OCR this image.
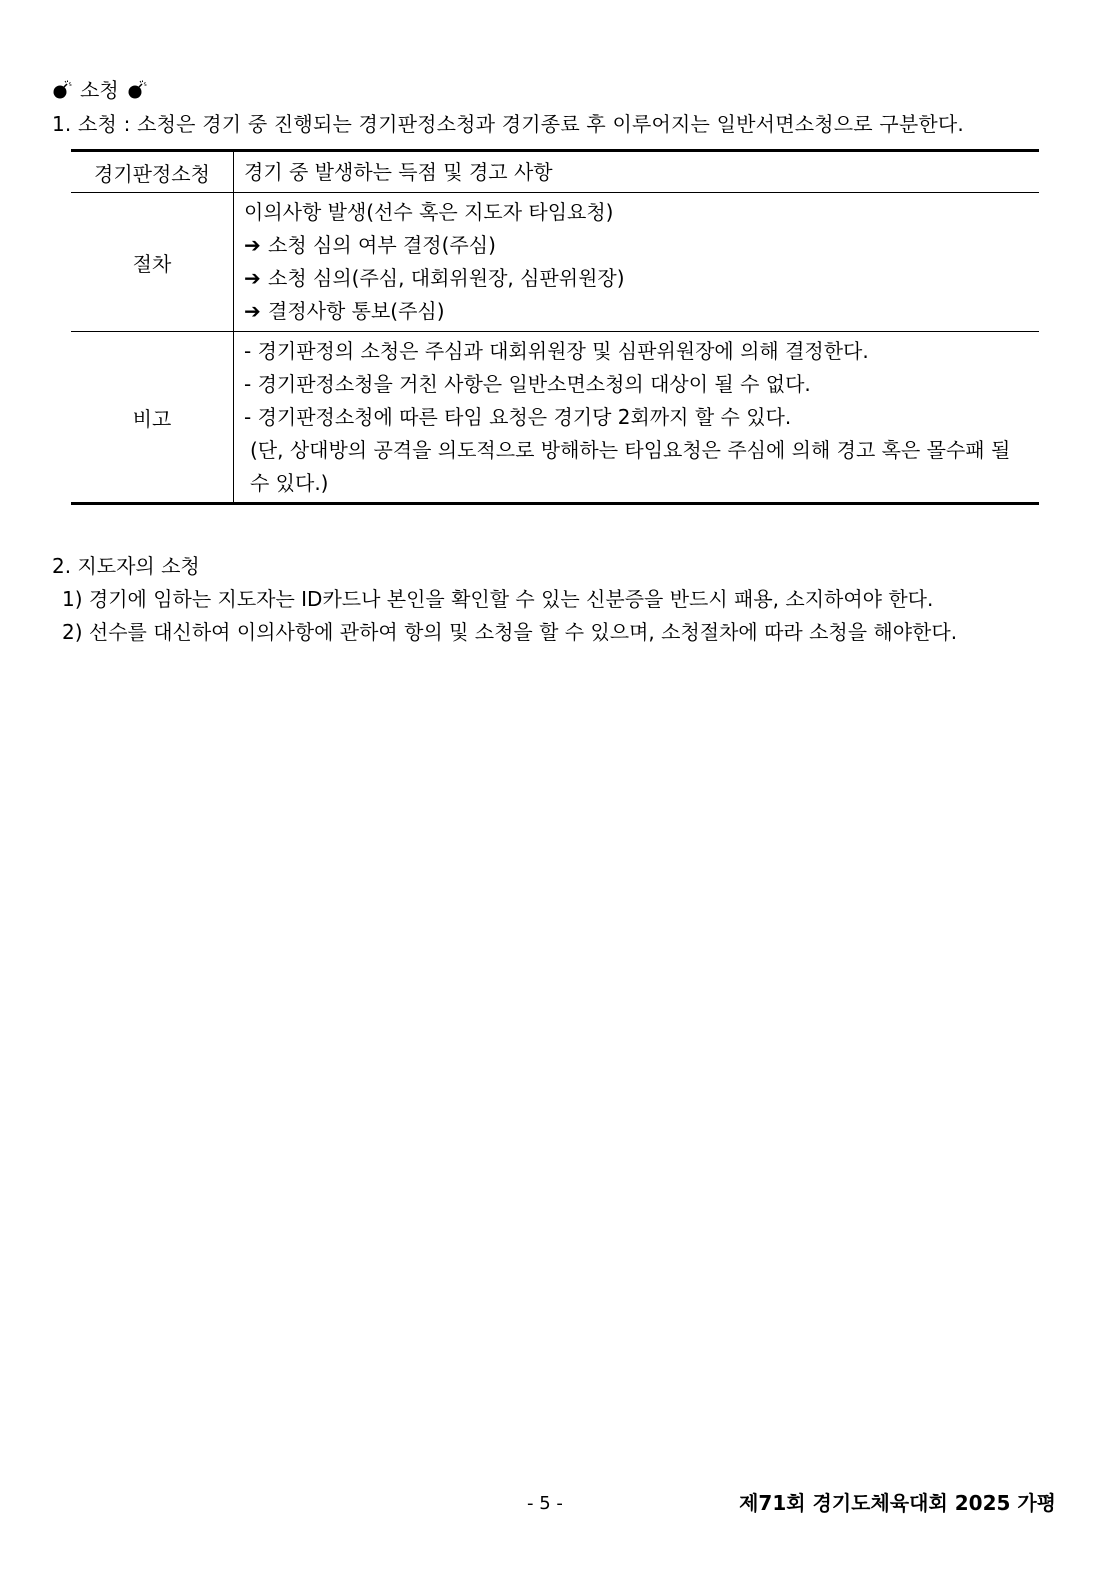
소청
1. 소청 : 소청은 경기 중 진행되는 경기판정소청과 경기종료 후 이루어지는 일반서면소청으로 구분한다.
경기판정소청	경기 중 발생하는 득점 및 경고 사항

절차	이의사항 발생(선수 혹은 지도자 타임요청)
➔ 소청 심의 여부 결정(주심)
➔ 소청 심의(주심, 대회위원장, 심판위원장)
➔ 결정사항 통보(주심)

비고	- 경기판정의 소청은 주심과 대회위원장 및 심판위원장에 의해 결정한다.
- 경기판정소청을 거친 사항은 일반소면소청의 대상이 될 수 없다.
- 경기판정소청에 따른 타임 요청은 경기당 2회까지 할 수 있다.
(단, 상대방의 공격을 의도적으로 방해하는 타임요청은 주심에 의해 경고 혹은 몰수패 될 수 있다.)
2. 지도자의 소청
1) 경기에 임하는 지도자는 ID카드나 본인을 확인할 수 있는 신분증을 반드시 패용, 소지하여야 한다.
2) 선수를 대신하여 이의사항에 관하여 항의 및 소청을 할 수 있으며, 소청절차에 따라 소청을 해야한다.
- 5 -	제71회 경기도체육대회 2025 가평
